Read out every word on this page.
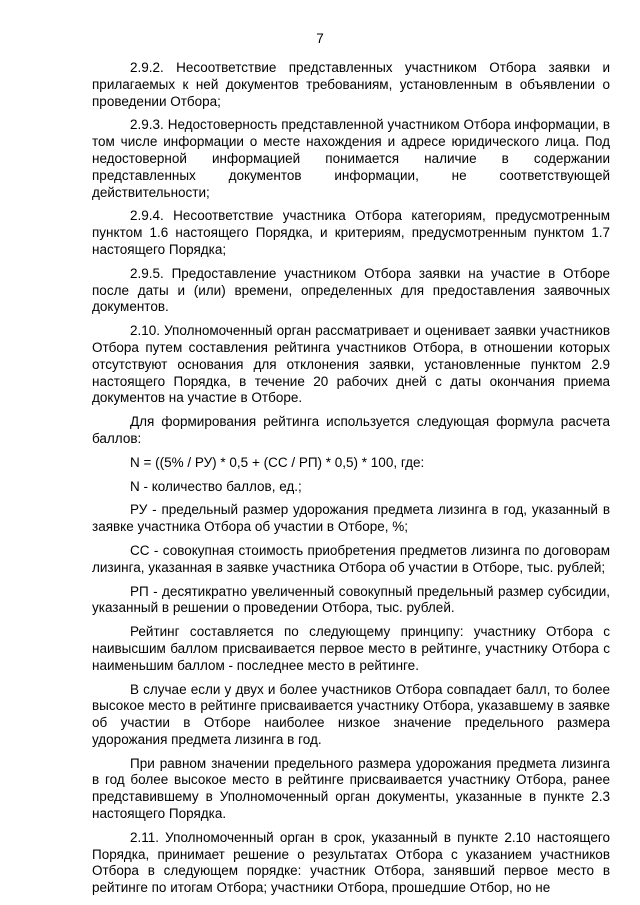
7

2.9.2. Несоответствие представленных участником Отбора заявки и прилагаемых к ней документов требованиям, установленным в объявлении о проведении Отбора;

2.9.3. Недостоверность представленной участником Отбора информации, в том числе информации о месте нахождения и адресе юридического лица. Под недостоверной информацией понимается наличие в содержании представленных документов информации, не соответствующей действительности;

2.9.4. Несоответствие участника Отбора категориям, предусмотренным пунктом 1.6 настоящего Порядка, и критериям, предусмотренным пунктом 1.7 настоящего Порядка;

2.9.5. Предоставление участником Отбора заявки на участие в Отборе после даты и (или) времени, определенных для предоставления заявочных документов.

2.10. Уполномоченный орган рассматривает и оценивает заявки участников Отбора путем составления рейтинга участников Отбора, в отношении которых отсутствуют основания для отклонения заявки, установленные пунктом 2.9 настоящего Порядка, в течение 20 рабочих дней с даты окончания приема документов на участие в Отборе.

Для формирования рейтинга используется следующая формула расчета баллов:

N = ((5% / РУ) * 0,5 + (СС / РП) * 0,5) * 100, где:

N - количество баллов, ед.;

РУ - предельный размер удорожания предмета лизинга в год, указанный в заявке участника Отбора об участии в Отборе, %;

СС - совокупная стоимость приобретения предметов лизинга по договорам лизинга, указанная в заявке участника Отбора об участии в Отборе, тыс. рублей;

РП - десятикратно увеличенный совокупный предельный размер субсидии, указанный в решении о проведении Отбора, тыс. рублей.

Рейтинг составляется по следующему принципу: участнику Отбора с наивысшим баллом присваивается первое место в рейтинге, участнику Отбора с наименьшим баллом - последнее место в рейтинге.

В случае если у двух и более участников Отбора совпадает балл, то более высокое место в рейтинге присваивается участнику Отбора, указавшему в заявке об участии в Отборе наиболее низкое значение предельного размера удорожания предмета лизинга в год.

При равном значении предельного размера удорожания предмета лизинга в год более высокое место в рейтинге присваивается участнику Отбора, ранее представившему в Уполномоченный орган документы, указанные в пункте 2.3 настоящего Порядка.

2.11. Уполномоченный орган в срок, указанный в пункте 2.10 настоящего Порядка, принимает решение о результатах Отбора с указанием участников Отбора в следующем порядке: участник Отбора, занявший первое место в рейтинге по итогам Отбора; участники Отбора, прошедшие Отбор, но не
